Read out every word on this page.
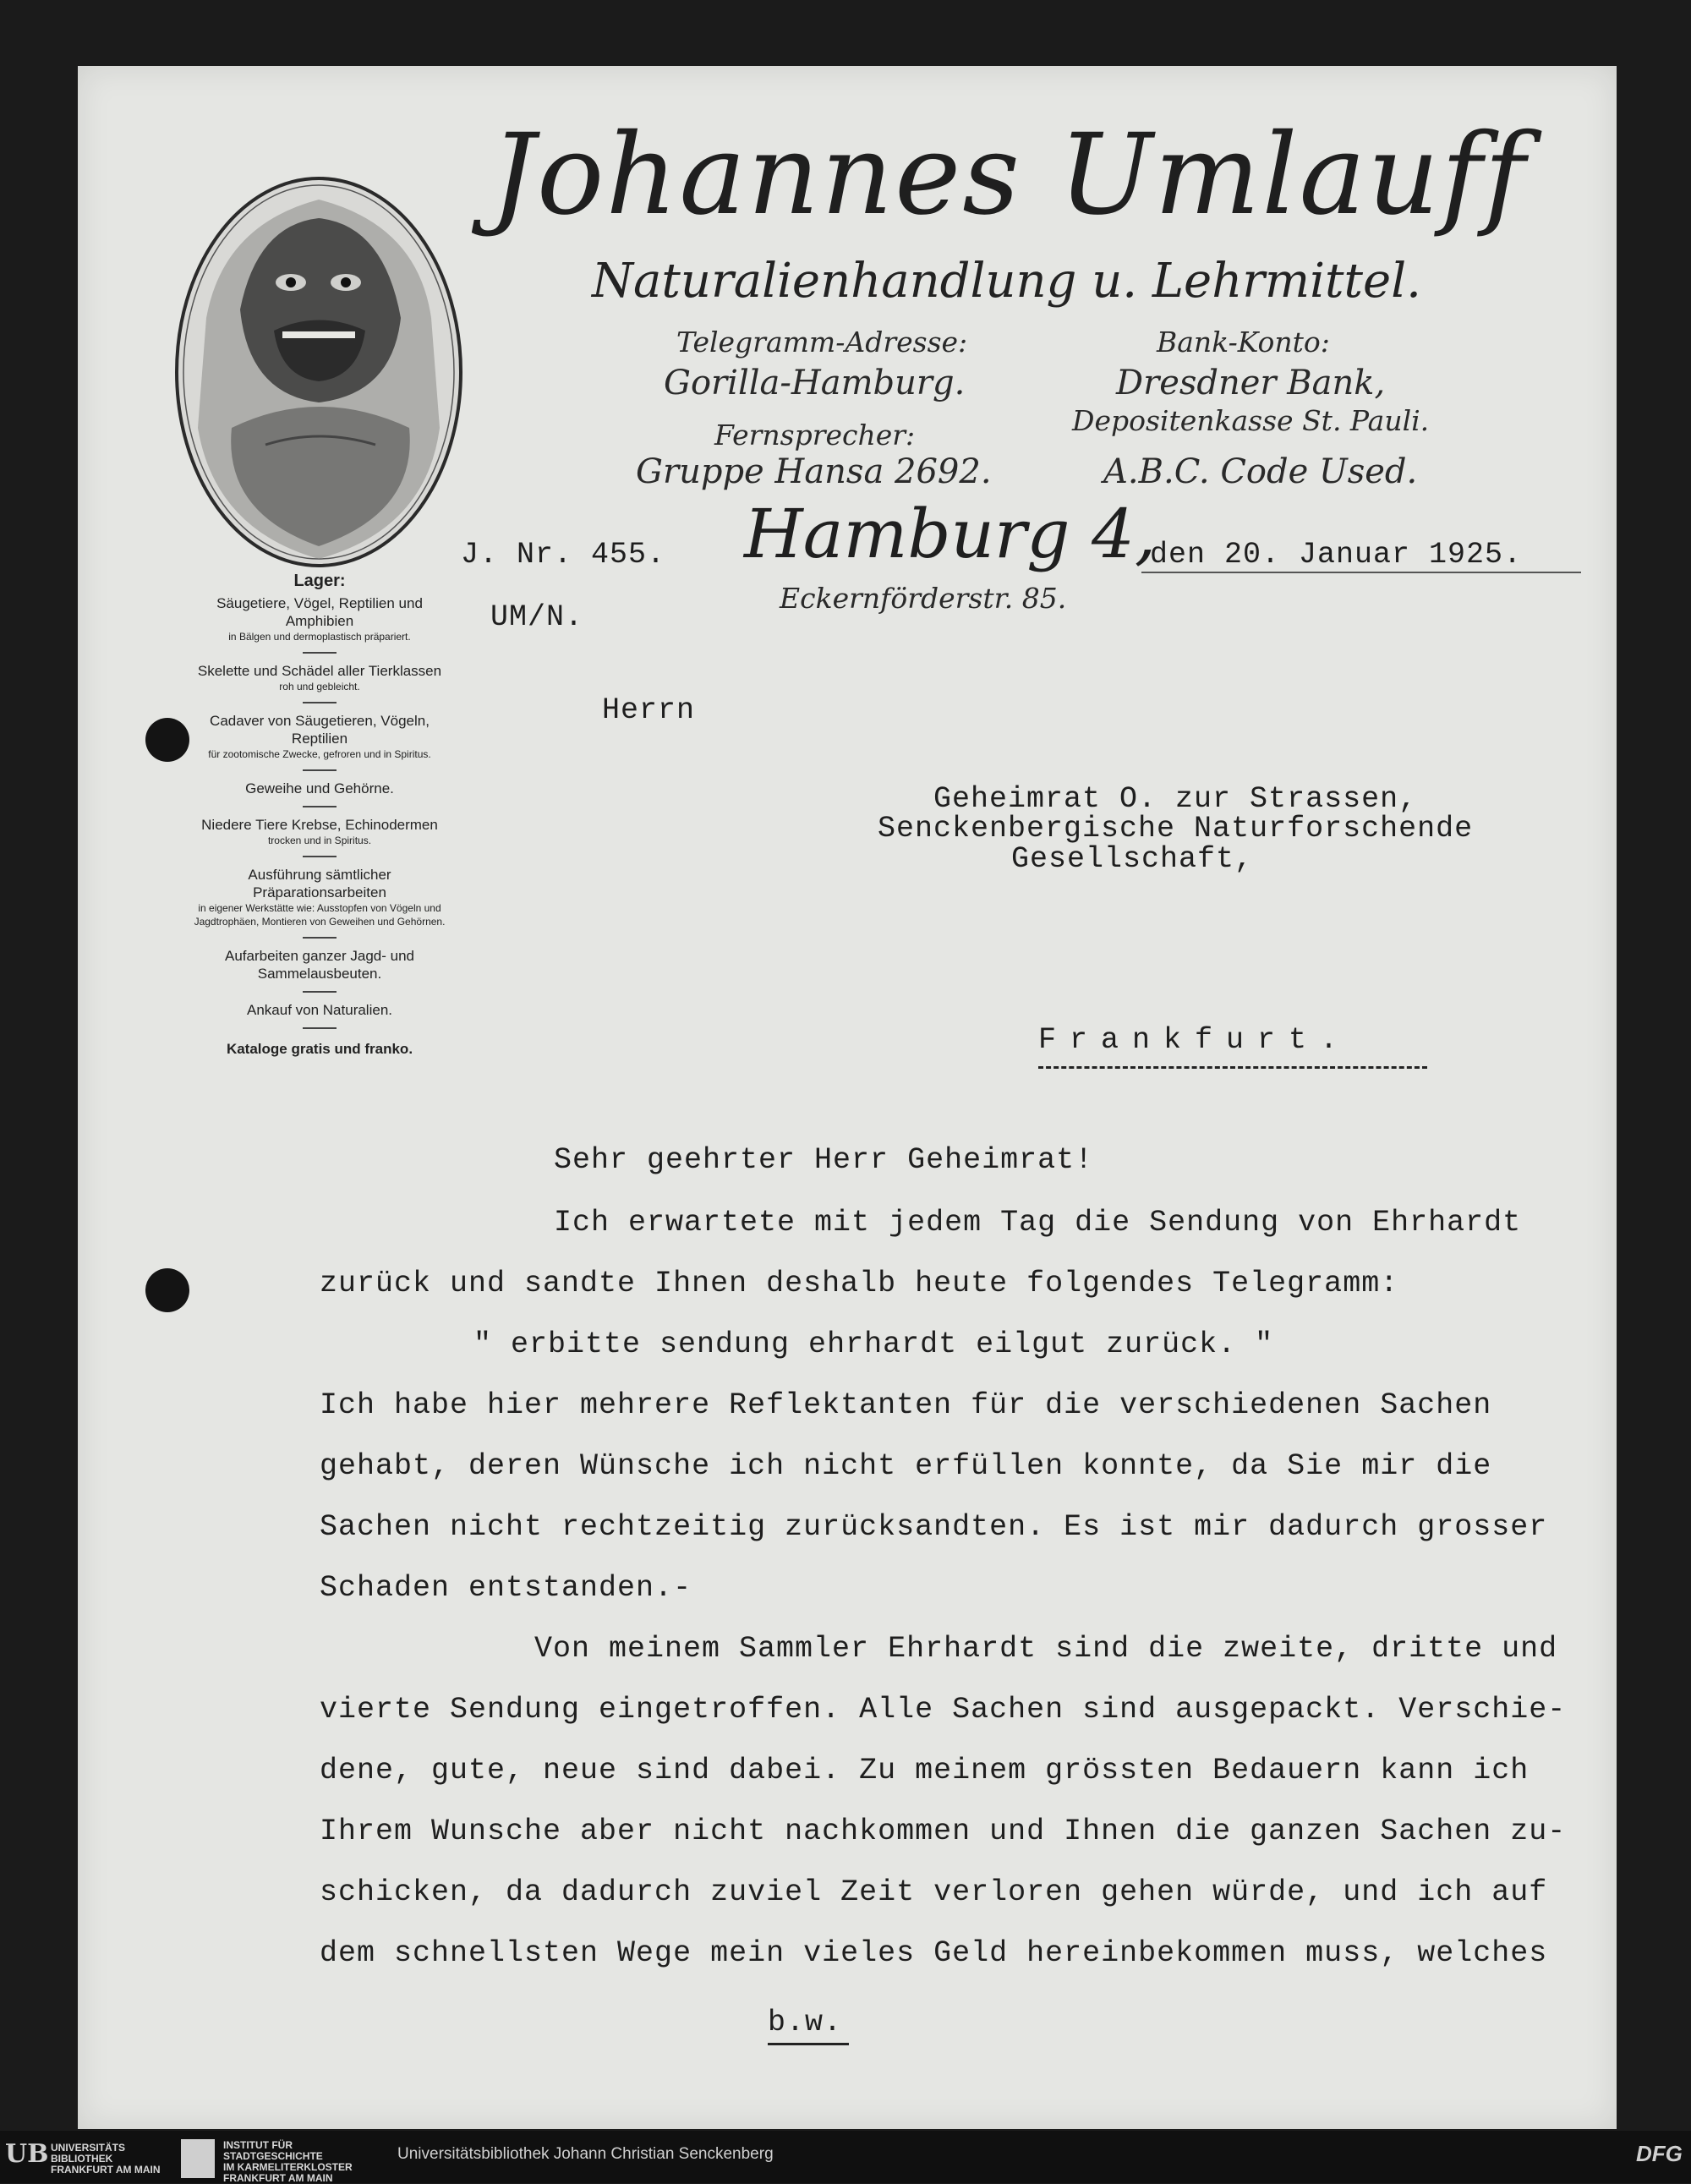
Johannes Umlauff
Naturalienhandlung u. Lehrmittel.
Telegramm-Adresse:
Gorilla-Hamburg.
Fernsprecher:
Gruppe Hansa 2692.
Bank-Konto:
Dresdner Bank,
Depositenkasse St. Pauli.
A.B.C. Code Used.
Hamburg 4,
Eckernförderstr. 85.
Lager:
Säugetiere, Vögel, Reptilien und Amphibien
in Bälgen und dermoplastisch präpariert.
Skelette und Schädel aller Tierklassen
roh und gebleicht.
Cadaver von Säugetieren, Vögeln, Reptilien
für zootomische Zwecke, gefroren und in Spiritus.
Geweihe und Gehörne.
Niedere Tiere Krebse, Echinodermen
trocken und in Spiritus.
Ausführung sämtlicher Präparationsarbeiten
in eigener Werkstätte wie: Ausstopfen von Vögeln und Jagdtrophäen, Montieren von Geweihen und Gehörnen.
Aufarbeiten ganzer Jagd- und Sammelausbeuten.
Ankauf von Naturalien.
Kataloge gratis und franko.
J. Nr. 455.
UM/N.
den 20. Januar 1925.
Herrn
Geheimrat O. zur Strassen,
Senckenbergische Naturforschende
Gesellschaft,
Frankfurt.
Sehr geehrter Herr Geheimrat!
Ich erwartete mit jedem Tag die Sendung von Ehrhardt
zurück und sandte Ihnen deshalb heute folgendes Telegramm:
" erbitte sendung ehrhardt eilgut zurück. "
Ich habe hier mehrere Reflektanten für die verschiedenen Sachen
gehabt, deren Wünsche ich nicht erfüllen konnte, da Sie mir die
Sachen nicht rechtzeitig zurücksandten. Es ist mir dadurch grosser
Schaden entstanden.-
Von meinem Sammler Ehrhardt sind die zweite, dritte und
vierte Sendung eingetroffen. Alle Sachen sind ausgepackt. Verschie-
dene, gute, neue sind dabei. Zu meinem grössten Bedauern kann ich
Ihrem Wunsche aber nicht nachkommen und Ihnen die ganzen Sachen zu-
schicken, da dadurch zuviel Zeit verloren gehen würde, und ich auf
dem schnellsten Wege mein vieles Geld hereinbekommen muss, welches
b.w.
UB UNIVERSITÄTS
BIBLIOTHEK
FRANKFURT AM MAIN
INSTITUT FÜR
STADTGESCHICHTE
IM KARMELITERKLOSTER
FRANKFURT AM MAIN
Universitätsbibliothek Johann Christian Senckenberg	DFG
